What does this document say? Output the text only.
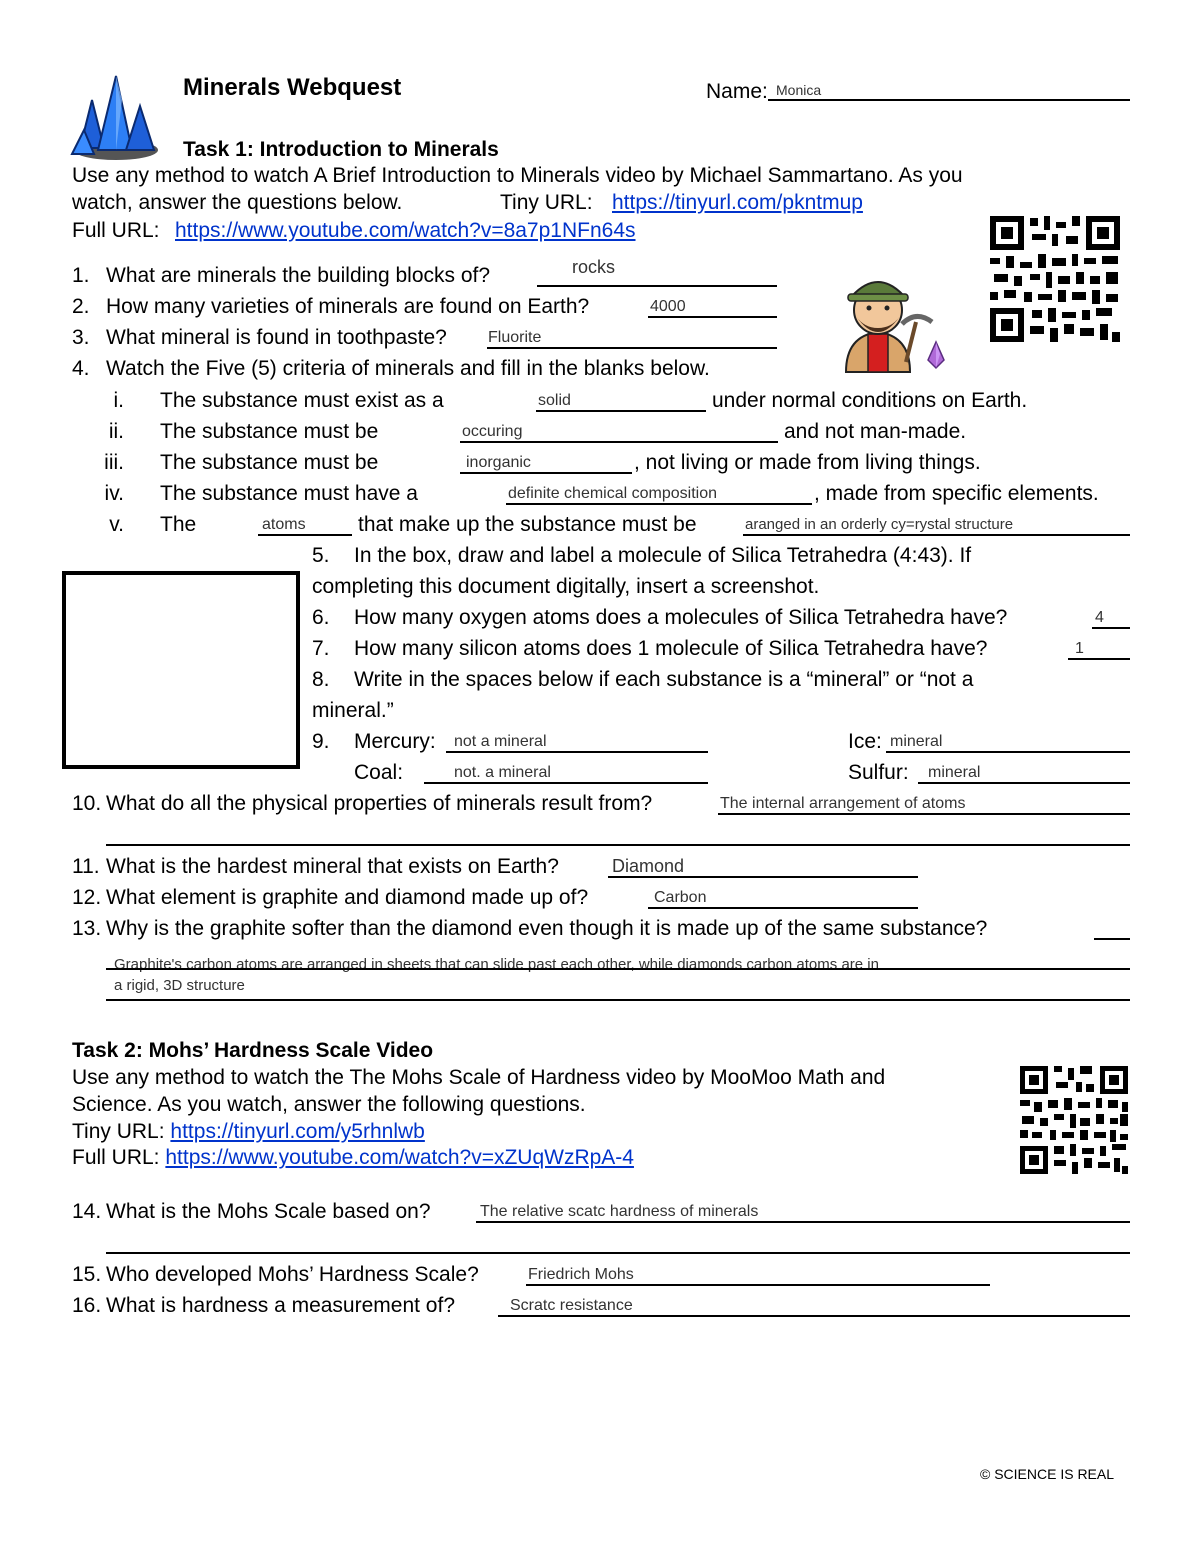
Minerals Webquest	Name: Monica
Task 1: Introduction to Minerals
Use any method to watch A Brief Introduction to Minerals video by Michael Sammartano. As you
watch, answer the questions below.	Tiny URL: https://tinyurl.com/pkntmup
Full URL: https://www.youtube.com/watch?v=8a7p1NFn64s
1. What are minerals the building blocks of?	rocks
2. How many varieties of minerals are found on Earth?	4000
3. What mineral is found in toothpaste?	Fluorite
4. Watch the Five (5) criteria of minerals and fill in the blanks below.
i. The substance must exist as a	solid	under normal conditions on Earth.
ii. The substance must be	occuring	and not man-made.
iii. The substance must be	inorganic	, not living or made from living things.
iv. The substance must have a	definite chemical composition	, made from specific elements.
v. The	atoms that make up the substance must be	aranged in an orderly cy=rystal structure
5. In the box, draw and label a molecule of Silica Tetrahedra (4:43). If
completing this document digitally, insert a screenshot.
6. How many oxygen atoms does a molecules of Silica Tetrahedra have?	4
7. How many silicon atoms does 1 molecule of Silica Tetrahedra have?	1
8. Write in the spaces below if each substance is a “mineral” or “not a
mineral.”
9. Mercury: not a mineral	Ice: mineral
Coal:	not. a mineral	Sulfur: mineral
10. What do all the physical properties of minerals result from?	The internal arrangement of atoms
11. What is the hardest mineral that exists on Earth?	Diamond
12. What element is graphite and diamond made up of?	Carbon
13. Why is the graphite softer than the diamond even though it is made up of the same substance?
Graphite's carbon atoms are arranged in sheets that can slide past each other, while diamonds carbon atoms are in
a rigid, 3D structure
Task 2: Mohs’ Hardness Scale Video
Use any method to watch the The Mohs Scale of Hardness video by MooMoo Math and
Science. As you watch, answer the following questions.
Tiny URL: https://tinyurl.com/y5rhnlwb
Full URL: https://www.youtube.com/watch?v=xZUqWzRpA-4
14. What is the Mohs Scale based on?	The relative scatc hardness of minerals
15. Who developed Mohs’ Hardness Scale?	Friedrich Mohs
16. What is hardness a measurement of?	Scratc resistance
© SCIENCE IS REAL
